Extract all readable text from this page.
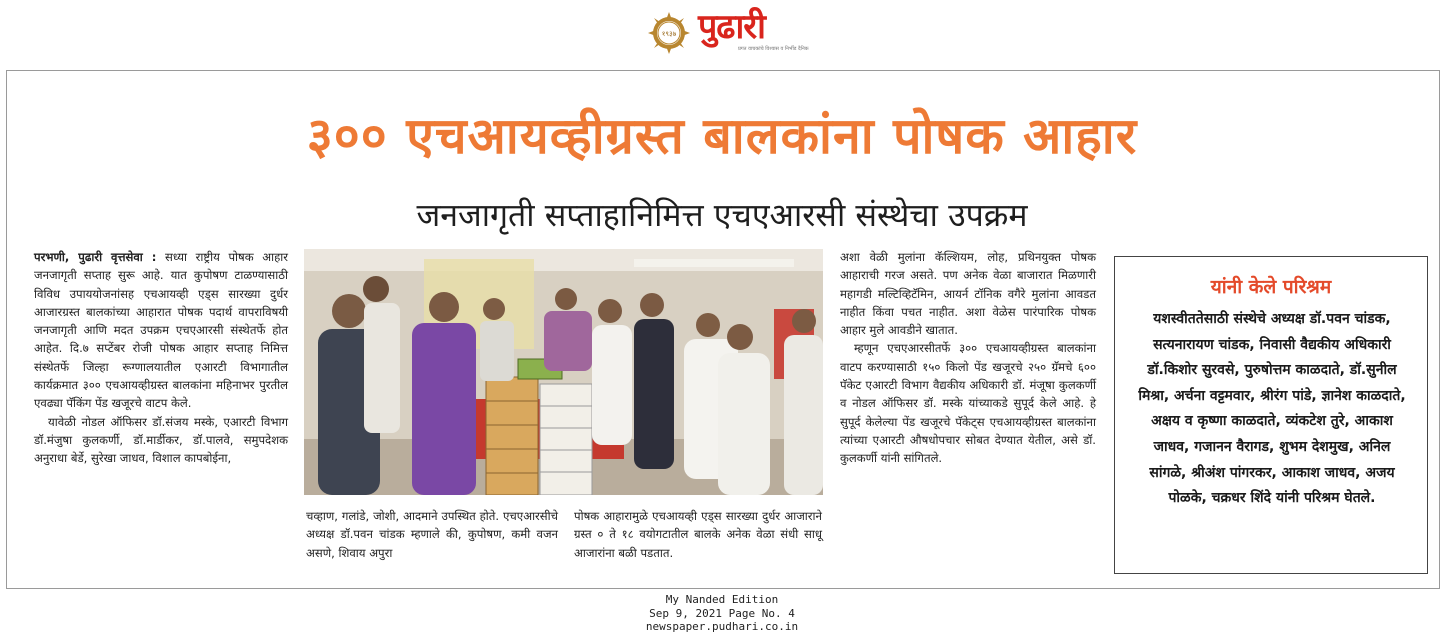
१९३७ पुढारी
प्रगत वाचकांचे विश्वास व निर्भीड दैनिक
३०० एचआयव्हीग्रस्त बालकांना पोषक आहार
जनजागृती सप्ताहानिमित्त एचएआरसी संस्थेचा उपक्रम

परभणी, पुढारी वृत्तसेवा : सध्या राष्ट्रीय पोषक आहार जनजागृती सप्ताह सुरू आहे. यात कुपोषण टाळण्यासाठी विविध उपाययोजनांसह एचआयव्ही एड्स सारख्या दुर्धर आजारग्रस्त बालकांच्या आहारात पोषक पदार्थ वापराविषयी जनजागृती आणि मदत उपक्रम एचएआरसी संस्थेतर्फे होत आहेत. दि.७ सप्टेंबर रोजी पोषक आहार सप्ताह निमित्त संस्थेतर्फे जिल्हा रूग्णालयातील एआरटी विभागातील कार्यक्रमात ३०० एचआयव्हीग्रस्त बालकांना महिनाभर पुरतील एवढ्या पॅकिंग पेंड खजूरचे वाटप केले.

यावेळी नोडल ऑफिसर डॉ.संजय मस्के, एआरटी विभाग डॉ.मंजुषा कुलकर्णी, डॉ.मार्डीकर, डॉ.पालवे, समुपदेशक अनुराधा बेर्डे, सुरेखा जाधव, विशाल कापबोईना,

चव्हाण, गलांडे, जोशी, आदमाने उपस्थित होते. एचएआरसीचे अध्यक्ष डॉ.पवन चांडक म्हणाले की, कुपोषण, कमी वजन असणे, शिवाय अपुरा

पोषक आहारामुळे एचआयव्ही एड्स सारख्या दुर्धर आजाराने ग्रस्त ० ते १८ वयोगटातील बालके अनेक वेळा संधी साधू आजारांना बळी पडतात.

अशा वेळी मुलांना कॅल्शियम, लोह, प्रथिनयुक्त पोषक आहाराची गरज असते. पण अनेक वेळा बाजारात मिळणारी महागडी मल्टिव्हिटॅमिन, आयर्न टॉनिक वगैरे मुलांना आवडत नाहीत किंवा पचत नाहीत. अशा वेळेस पारंपारिक पोषक आहार मुले आवडीने खातात.

म्हणून एचएआरसीतर्फे ३०० एचआयव्हीग्रस्त बालकांना वाटप करण्यासाठी १५० किलो पेंड खजूरचे २५० ग्रॅमचे ६०० पॅकेट एआरटी विभाग वैद्यकीय अधिकारी डॉ. मंजूषा कुलकर्णी व नोडल ऑफिसर डॉ. मस्के यांच्याकडे सुपूर्द केले आहे. हे सुपूर्द केलेल्या पेंड खजूरचे पॅकेट्स एचआयव्हीग्रस्त बालकांना त्यांच्या एआरटी औषधोपचार सोबत देण्यात येतील, असे डॉ. कुलकर्णी यांनी सांगितले.

यांनी केले परिश्रम
यशस्वीततेसाठी संस्थेचे अध्यक्ष डॉ.पवन चांडक, सत्यनारायण चांडक, निवासी वैद्यकीय अधिकारी डॉ.किशोर सुरवसे, पुरुषोत्तम काळदाते, डॉ.सुनील मिश्रा, अर्चना वट्टमवार, श्रीरंग पांडे, ज्ञानेश काळदाते, अक्षय व कृष्णा काळदाते, व्यंकटेश तुरे, आकाश जाधव, गजानन वैरागड, शुभम देशमुख, अनिल सांगळे, श्रीअंश पांगरकर, आकाश जाधव, अजय पोळके, चक्रधर शिंदे यांनी परिश्रम घेतले.
My Nanded Edition
Sep 9, 2021 Page No. 4
newspaper.pudhari.co.in
